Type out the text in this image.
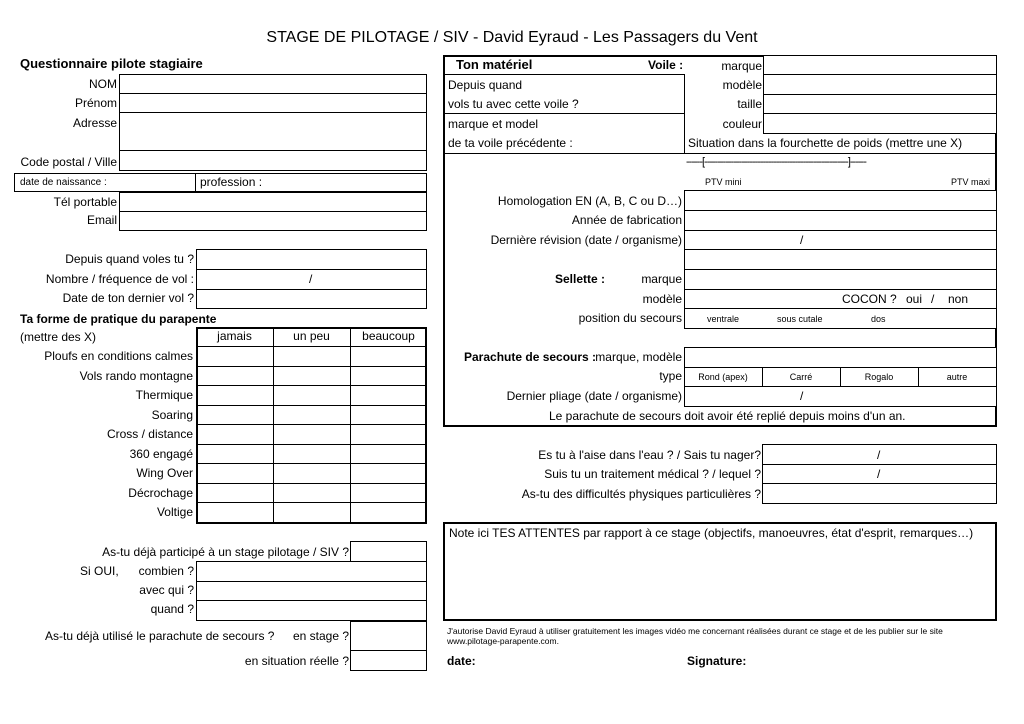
STAGE DE PILOTAGE / SIV - David Eyraud - Les Passagers du Vent
Questionnaire pilote stagiaire
NOM
Prénom
Adresse
Code postal / Ville
date de naissance :	profession :
Tél portable
Email
Depuis quand voles tu ?
Nombre / fréquence de vol :	/
Date de ton dernier vol ?
Ta forme de pratique du parapente
(mettre des X)
As-tu déjà participé à un stage pilotage / SIV ?
Si OUI, combien ?
avec qui ?
quand ?
As-tu déjà utilisé le parachute de secours ? en stage ?
en situation réelle ?
Ton matériel	Voile :
Depuis quand
vols tu avec cette voile ?
marque et model
de ta voile précédente :
marque
modèle
taille
couleur
Situation dans la fourchette de poids (mettre une X)
------[------------------------------------------------------]------
PTV mini	PTV maxi
Homologation EN (A, B, C ou D…)
Année de fabrication
Dernière révision (date / organisme)	/
Sellette :	marque
modèle	COCON ? oui / non
position du secours	ventrale	sous cutale	dos
Parachute de secours : marque, modèle
type	Rond (apex)	Carré	Rogalo	autre
Dernier pliage (date / organisme)	/
Le parachute de secours doit avoir été replié depuis moins d'un an.
Es tu à l'aise dans l'eau ? / Sais tu nager?	/
Suis tu un traitement médical ? / lequel ?	/
As-tu des difficultés physiques particulières ?
Note ici TES ATTENTES par rapport à ce stage (objectifs, manoeuvres, état d'esprit, remarques…)
J'autorise David Eyraud à utiliser gratuitement les images vidéo me concernant réalisées durant ce stage et de les publier sur le site www.pilotage-parapente.com.
date:	Signature:
jamais	un peu	beaucoup
Ploufs en conditions calmes
Vols rando montagne
Thermique
Soaring
Cross / distance
360 engagé
Wing Over
Décrochage
Voltige
